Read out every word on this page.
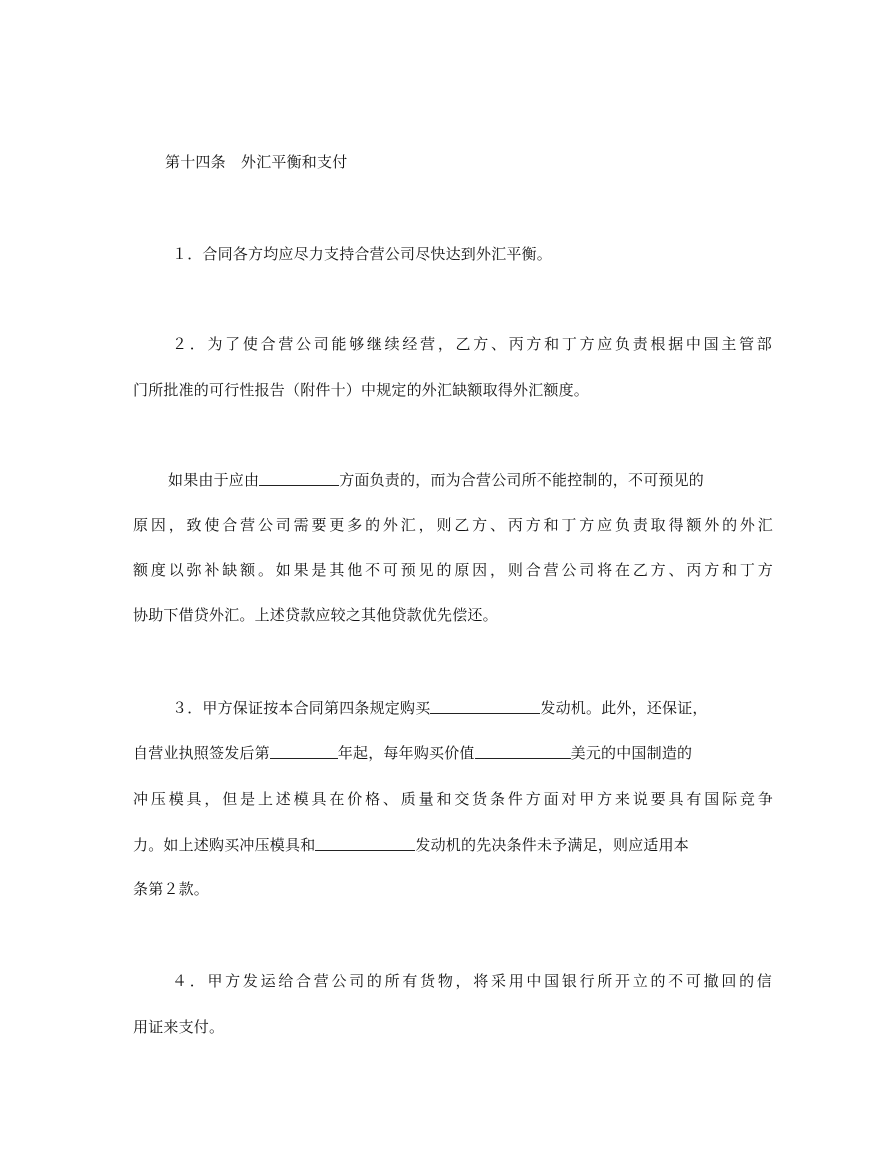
第十四条　外汇平衡和支付
１．合同各方均应尽力支持合营公司尽快达到外汇平衡。
２．为了使合营公司能够继续经营，乙方、丙方和丁方应负责根据中国主管部
门所批准的可行性报告（附件十）中规定的外汇缺额取得外汇额度。
如果由于应由	方面负责的，而为合营公司所不能控制的，不可预见的
原因，致使合营公司需要更多的外汇，则乙方、丙方和丁方应负责取得额外的外汇
额度以弥补缺额。如果是其他不可预见的原因，则合营公司将在乙方、丙方和丁方
协助下借贷外汇。上述贷款应较之其他贷款优先偿还。
３．甲方保证按本合同第四条规定购买	发动机。此外，还保证，
自营业执照签发后第	年起，每年购买价值	美元的中国制造的
冲压模具，但是上述模具在价格、质量和交货条件方面对甲方来说要具有国际竞争
力。如上述购买冲压模具和	发动机的先决条件未予满足，则应适用本
条第２款。
４．甲方发运给合营公司的所有货物，将采用中国银行所开立的不可撤回的信
用证来支付。
